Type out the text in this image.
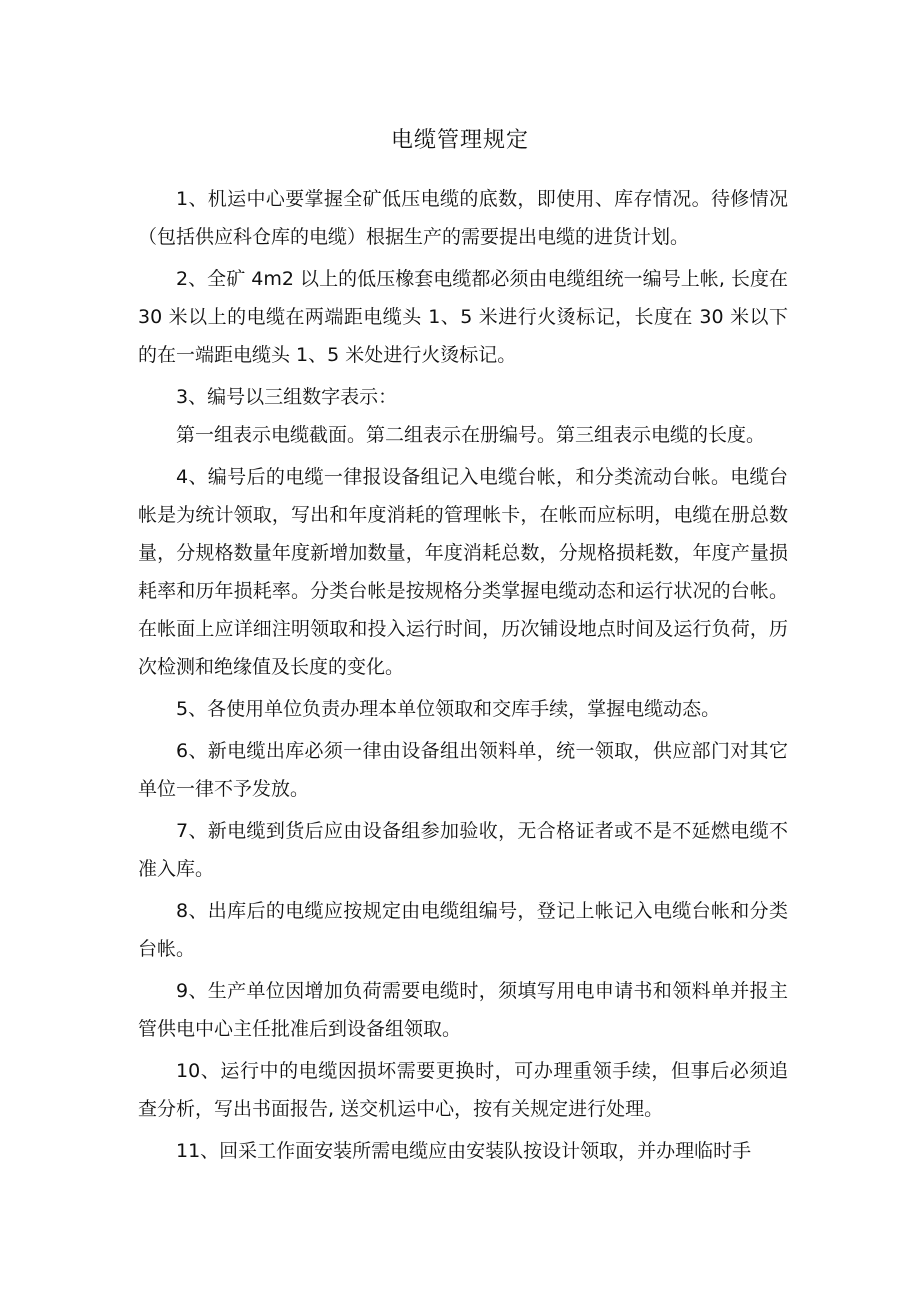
电缆管理规定

1、机运中心要掌握全矿低压电缆的底数，即使用、库存情况。待修情况（包括供应科仓库的电缆）根据生产的需要提出电缆的进货计划。

2、全矿 4m2 以上的低压橡套电缆都必须由电缆组统一编号上帐, 长度在 30 米以上的电缆在两端距电缆头 1、5 米进行火烫标记，长度在 30 米以下的在一端距电缆头 1、5 米处进行火烫标记。

3、编号以三组数字表示：

第一组表示电缆截面。第二组表示在册编号。第三组表示电缆的长度。

4、编号后的电缆一律报设备组记入电缆台帐，和分类流动台帐。电缆台帐是为统计领取，写出和年度消耗的管理帐卡，在帐而应标明，电缆在册总数量，分规格数量年度新增加数量，年度消耗总数，分规格损耗数，年度产量损耗率和历年损耗率。分类台帐是按规格分类掌握电缆动态和运行状况的台帐。在帐面上应详细注明领取和投入运行时间，历次铺设地点时间及运行负荷，历次检测和绝缘值及长度的变化。

5、各使用单位负责办理本单位领取和交库手续，掌握电缆动态。

6、新电缆出库必须一律由设备组出领料单，统一领取，供应部门对其它单位一律不予发放。

7、新电缆到货后应由设备组参加验收，无合格证者或不是不延燃电缆不准入库。

8、出库后的电缆应按规定由电缆组编号，登记上帐记入电缆台帐和分类台帐。

9、生产单位因增加负荷需要电缆时，须填写用电申请书和领料单并报主管供电中心主任批准后到设备组领取。

10、运行中的电缆因损坏需要更换时，可办理重领手续，但事后必须追查分析，写出书面报告, 送交机运中心，按有关规定进行处理。

11、回采工作面安装所需电缆应由安装队按设计领取，并办理临时手
